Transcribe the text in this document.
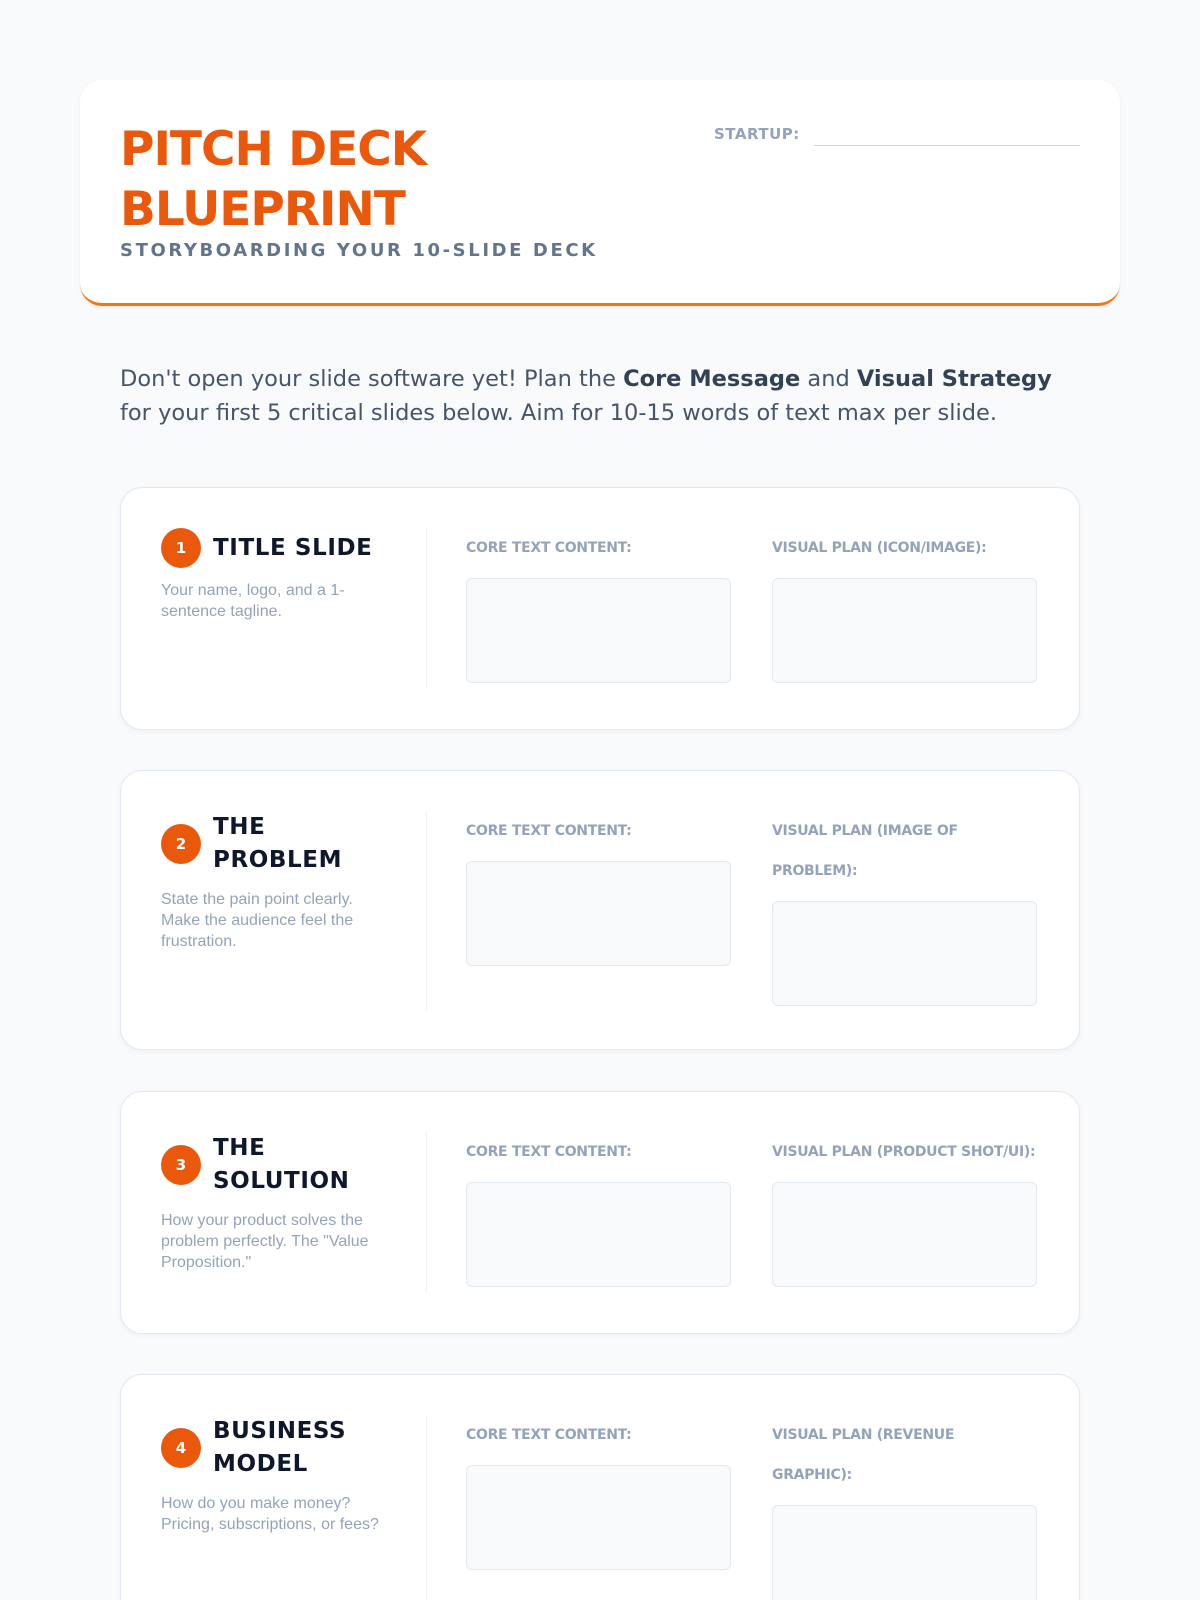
PITCH DECK BLUEPRINT
STORYBOARDING YOUR 10-SLIDE DECK
STARTUP:

Don't open your slide software yet! Plan the Core Message and Visual Strategy for your first 5 critical slides below. Aim for 10-15 words of text max per slide.

1	TITLE SLIDE
Your name, logo, and a 1-sentence tagline.
CORE TEXT CONTENT:	VISUAL PLAN (ICON/IMAGE):
2
THE PROBLEM
State the pain point clearly. Make the audience feel the frustration.
CORE TEXT CONTENT:	VISUAL PLAN (IMAGE OF PROBLEM):
3
THE SOLUTION
How your product solves the problem perfectly. The "Value Proposition."
CORE TEXT CONTENT:	VISUAL PLAN (PRODUCT SHOT/UI):
4
BUSINESS MODEL
How do you make money? Pricing, subscriptions, or fees?
CORE TEXT CONTENT:	VISUAL PLAN (REVENUE GRAPHIC):
